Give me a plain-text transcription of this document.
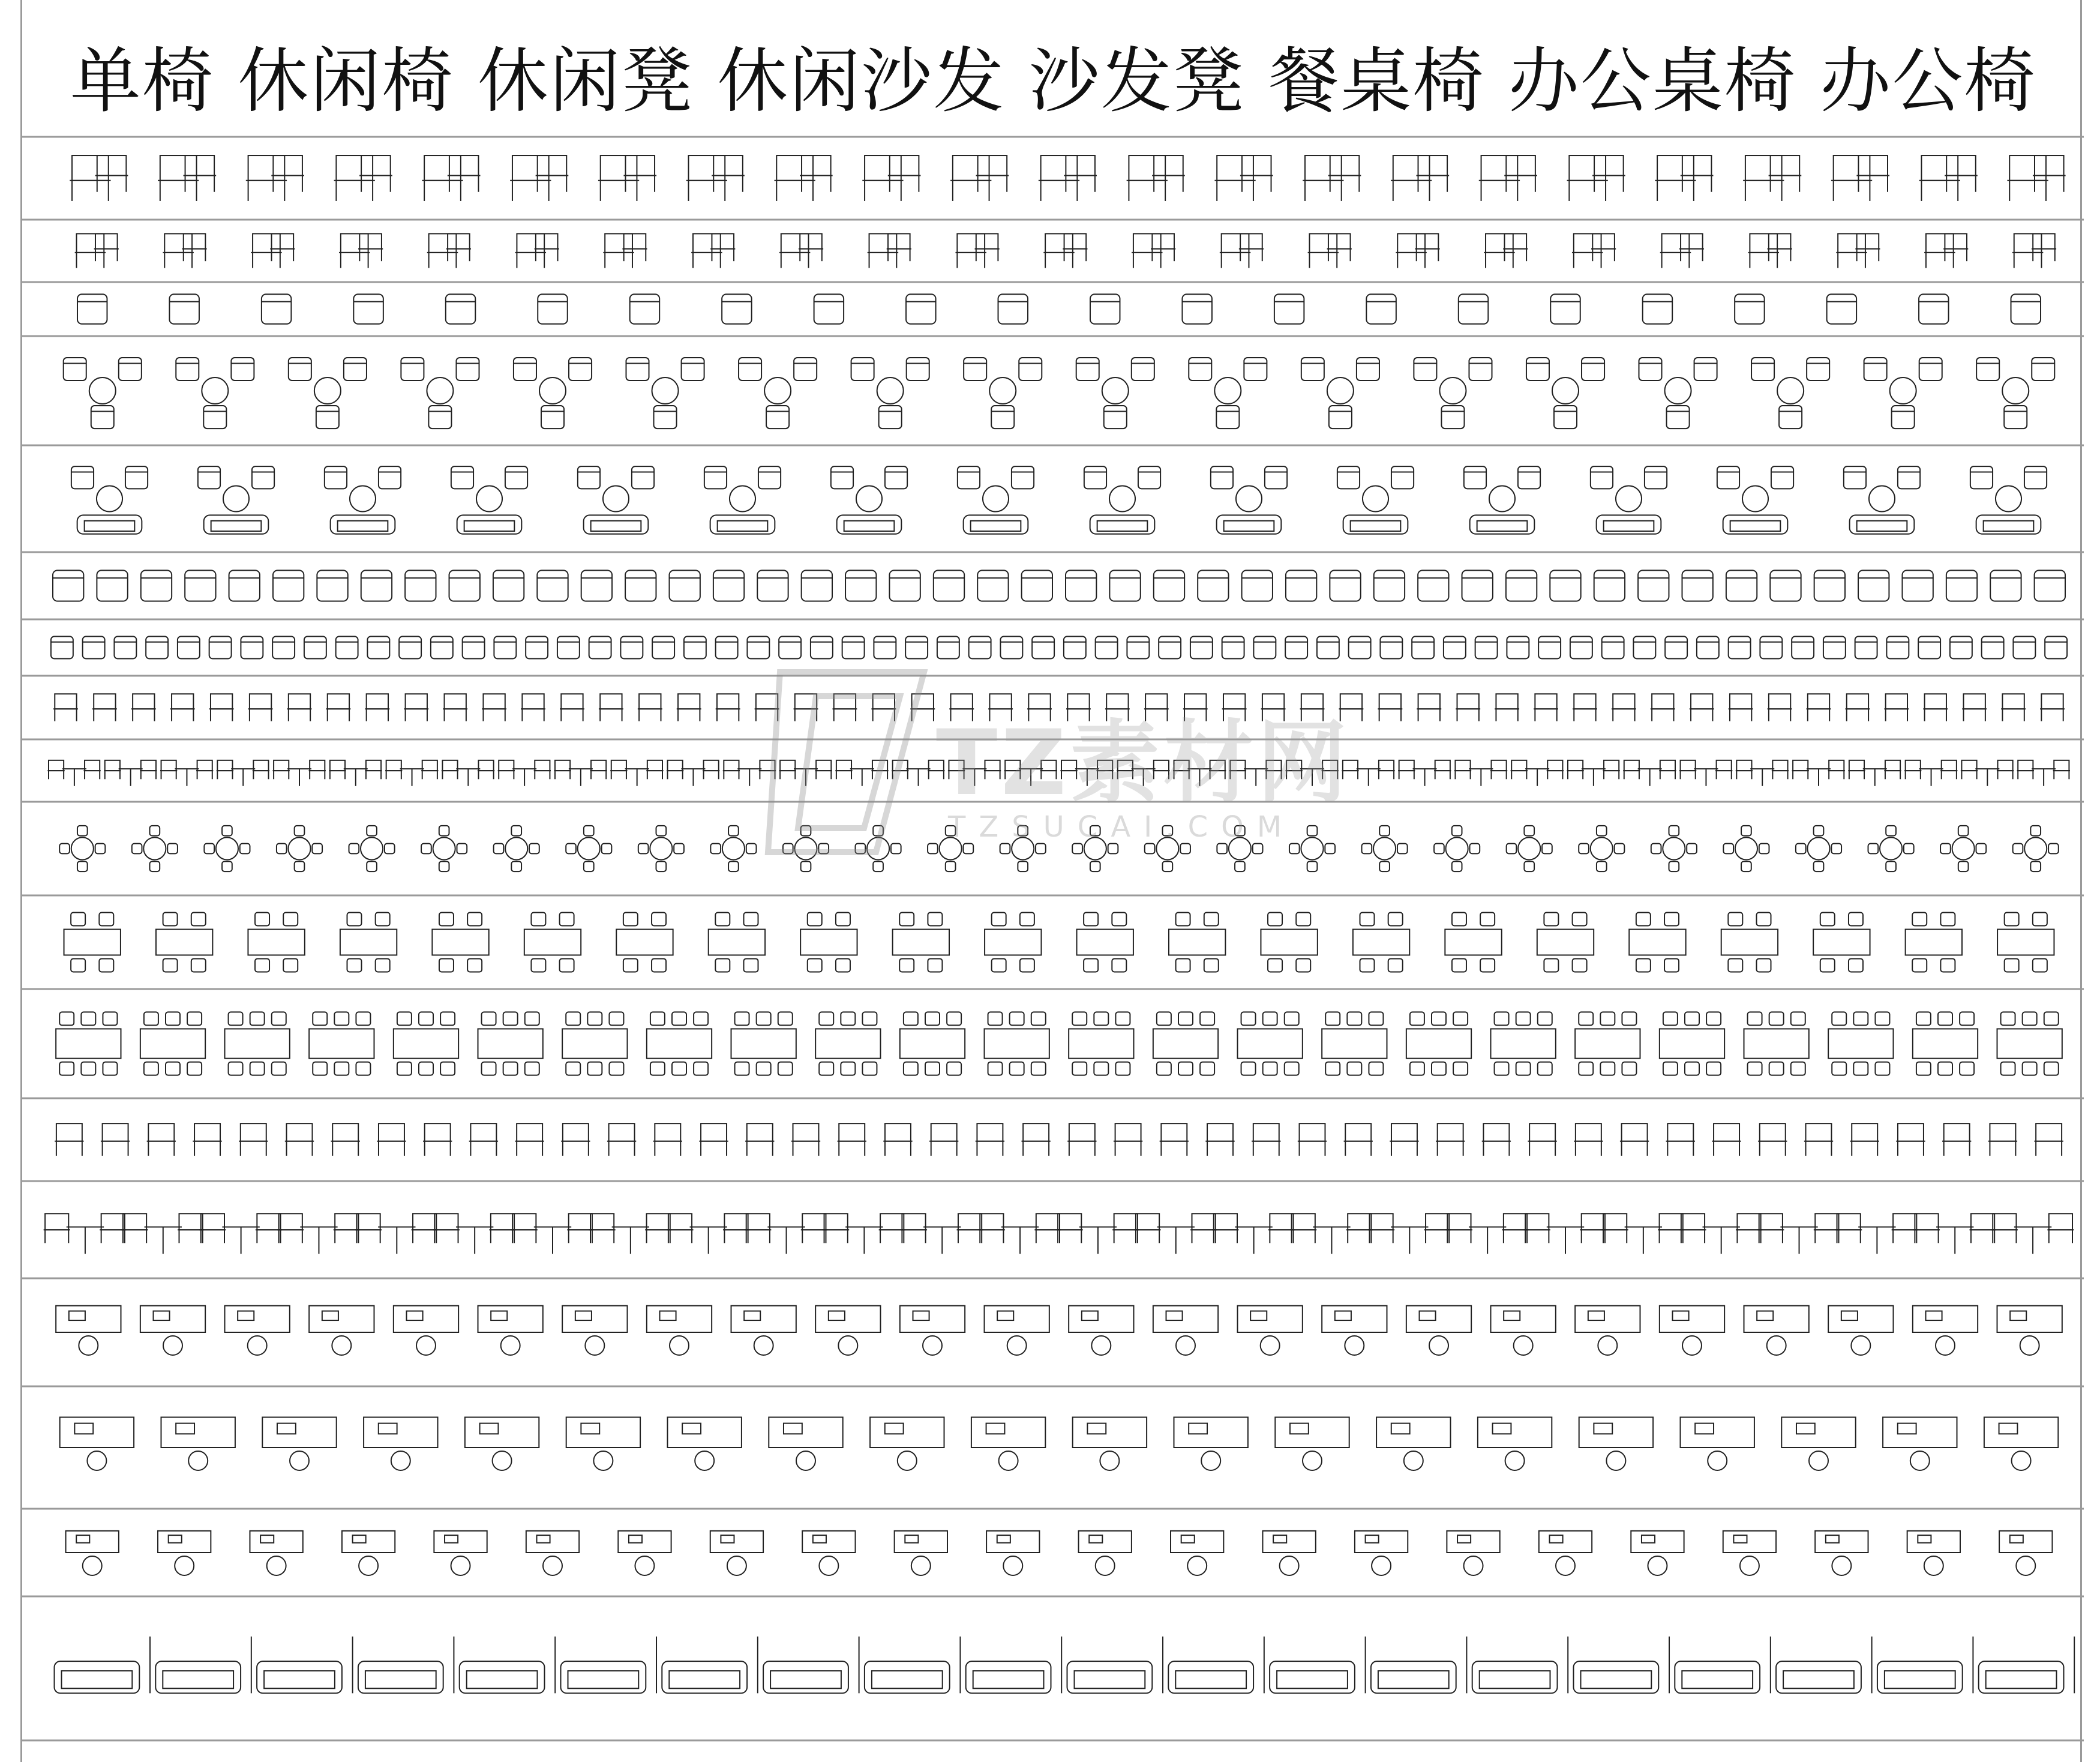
单椅 休闲椅 休闲凳 休闲沙发 沙发凳 餐桌椅 办公桌椅 办公椅
TZ素材网
TZSUCAI.COM
